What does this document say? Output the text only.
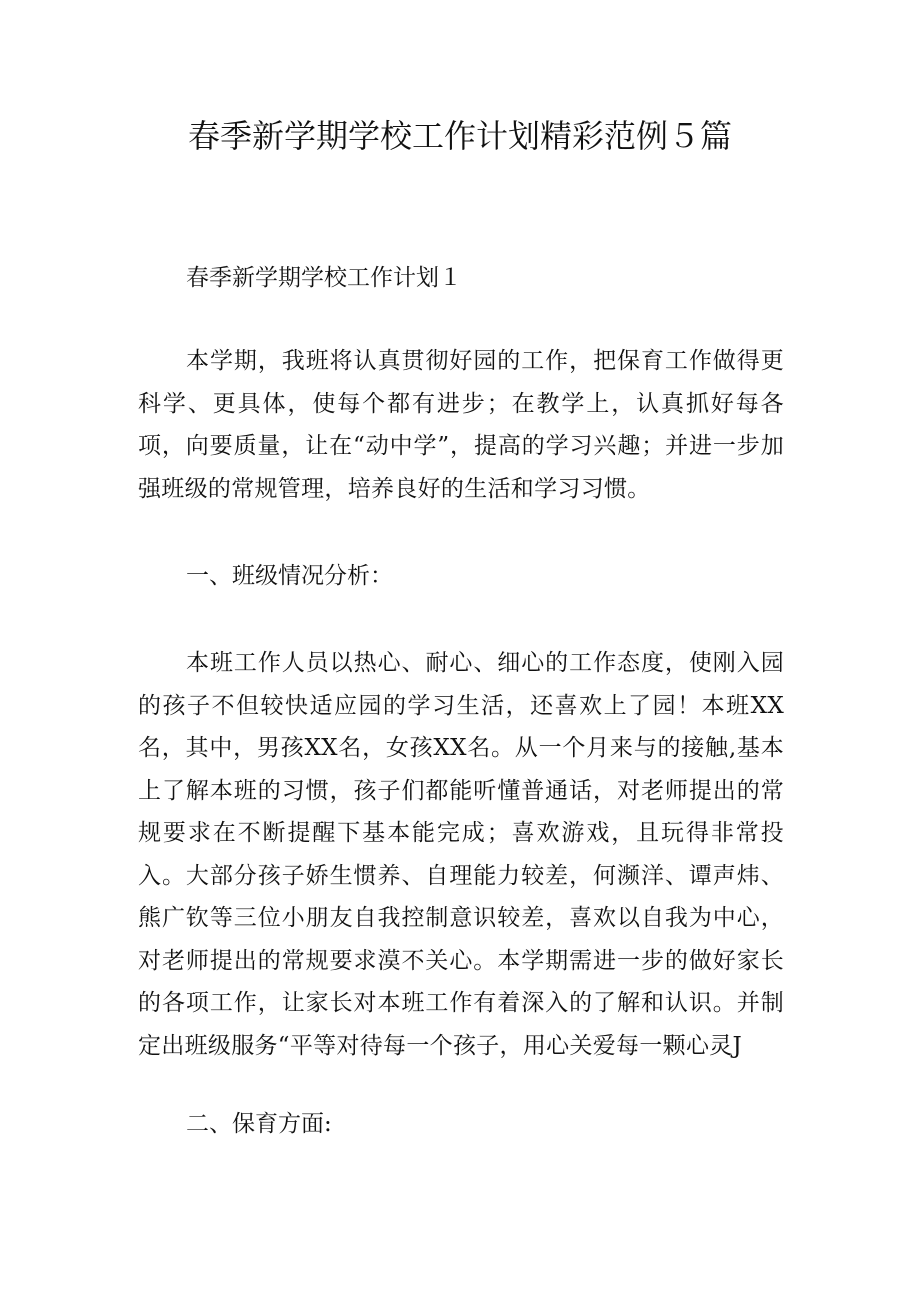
春季新学期学校工作计划精彩范例５篇
春季新学期学校工作计划１
本学期，我班将认真贯彻好园的工作，把保育工作做得更科学、更具体，使每个都有进步；在教学上，认真抓好每各项，向要质量，让在“动中学”，提高的学习兴趣；并进一步加强班级的常规管理，培养良好的生活和学习习惯。
一、班级情况分析：
本班工作人员以热心、耐心、细心的工作态度，使刚入园的孩子不但较快适应园的学习生活，还喜欢上了园！本班XX名，其中，男孩XX名，女孩XX名。从一个月来与的接触,基本上了解本班的习惯，孩子们都能听懂普通话，对老师提出的常规要求在不断提醒下基本能完成；喜欢游戏，且玩得非常投入。大部分孩子娇生惯养、自理能力较差，何濒洋、谭声炜、熊广钦等三位小朋友自我控制意识较差，喜欢以自我为中心，对老师提出的常规要求漠不关心。本学期需进一步的做好家长的各项工作，让家长对本班工作有着深入的了解和认识。并制定出班级服务“平等对待每一个孩子，用心关爱每一颗心灵J
二、保育方面:
